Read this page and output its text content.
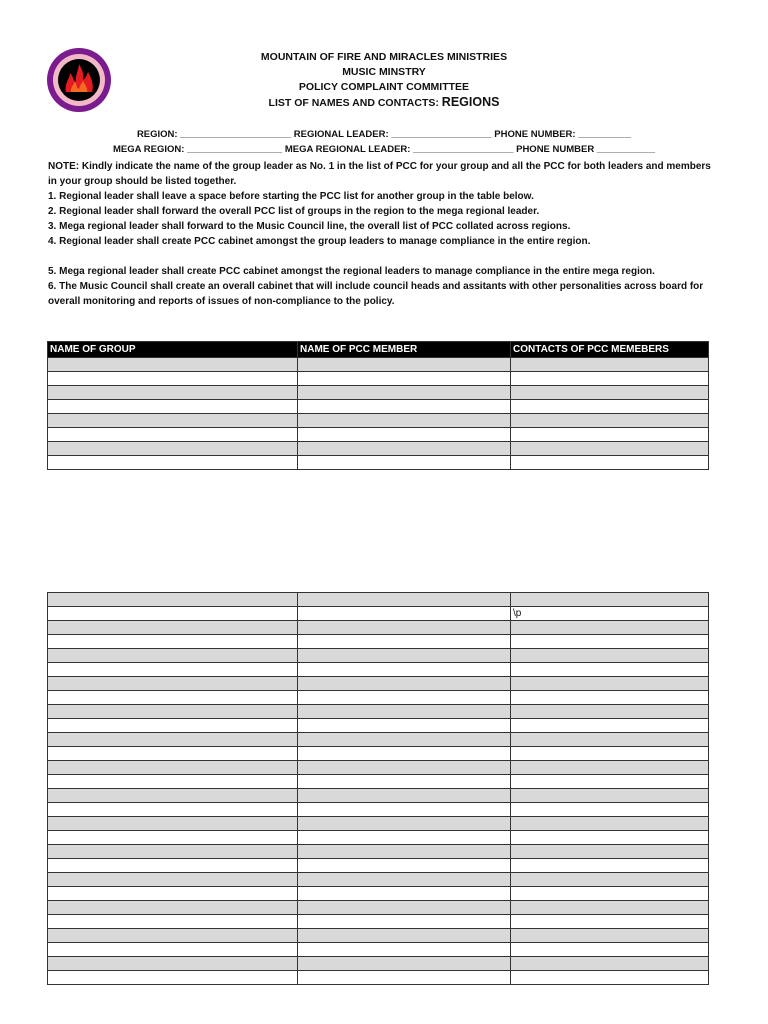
MOUNTAIN OF FIRE AND MIRACLES MINISTRIES
MUSIC MINSTRY
POLICY COMPLAINT COMMITTEE
LIST OF NAMES AND CONTACTS: REGIONS
REGION: _____________________ REGIONAL LEADER: ___________________ PHONE NUMBER: __________
MEGA REGION: __________________ MEGA REGIONAL LEADER: ___________________ PHONE NUMBER ___________

NOTE: Kindly indicate the name of the group leader as No. 1 in the list of PCC for your group and all the PCC for both leaders and members in your group should be listed together.

1. Regional leader shall leave a space before starting the PCC list for another group in the table below.

2. Regional leader shall forward the overall PCC list of groups in the region to the mega regional leader.

3. Mega regional leader shall forward to the Music Council line, the overall list of PCC collated across regions.

4. Regional leader shall create PCC cabinet amongst the group leaders to manage compliance in the entire region.

5. Mega regional leader shall create PCC cabinet amongst the regional leaders to manage compliance in the entire mega region.

6. The Music Council shall create an overall cabinet that will include council heads and assitants with other personalities across board for overall monitoring and reports of issues of non-compliance to the policy.

NAME OF GROUP	NAME OF PCC MEMBER	CONTACTS OF PCC MEMEBERS

		\p
